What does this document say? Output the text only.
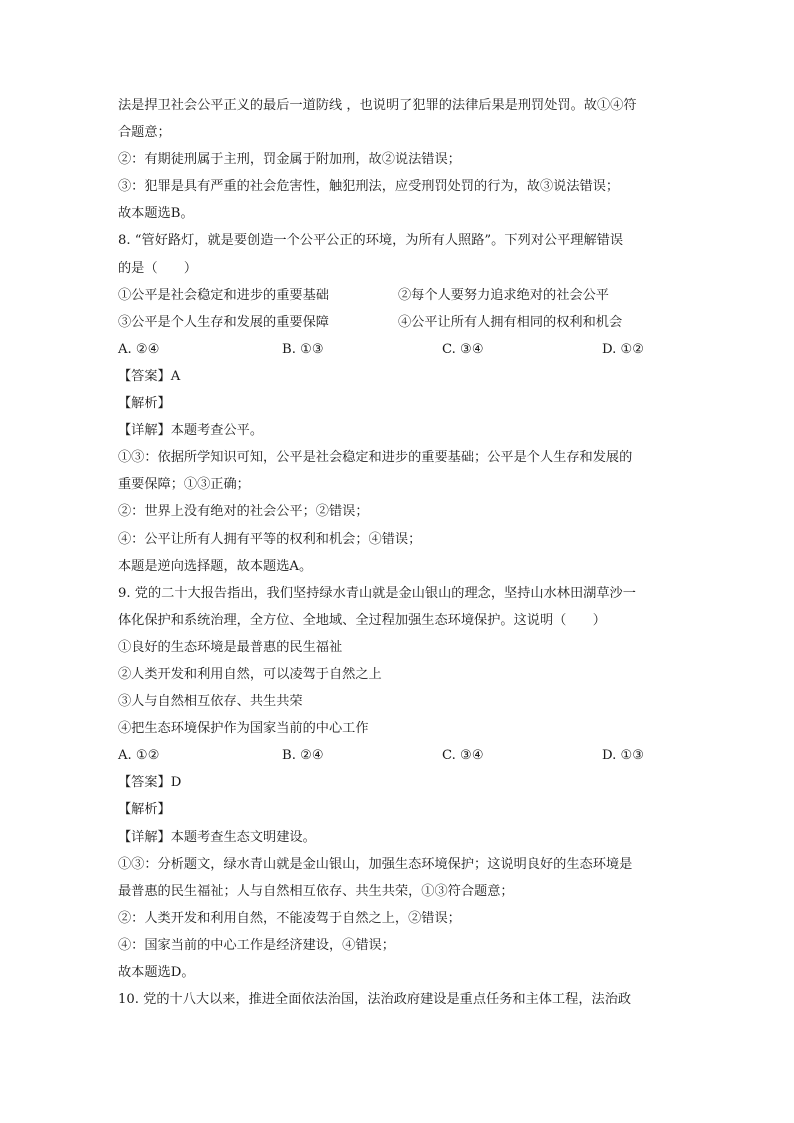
法是捍卫社会公平正义的最后一道防线 ，也说明了犯罪的法律后果是刑罚处罚。故①④符
合题意；
②：有期徒刑属于主刑，罚金属于附加刑，故②说法错误；
③：犯罪是具有严重的社会危害性，触犯刑法，应受刑罚处罚的行为，故③说法错误；
故本题选B。
8. “管好路灯，就是要创造一个公平公正的环境，为所有人照路”。下列对公平理解错误
的是（　　）
①公平是社会稳定和进步的重要基础	②每个人要努力追求绝对的社会公平
③公平是个人生存和发展的重要保障	④公平让所有人拥有相同的权利和机会
A. ②④	B. ①③	C. ③④	D. ①②
【答案】A
【解析】
【详解】本题考查公平。
①③：依据所学知识可知，公平是社会稳定和进步的重要基础；公平是个人生存和发展的
重要保障；①③正确；
②：世界上没有绝对的社会公平；②错误；
④：公平让所有人拥有平等的权利和机会；④错误；
本题是逆向选择题，故本题选A。
9. 党的二十大报告指出，我们坚持绿水青山就是金山银山的理念，坚持山水林田湖草沙一
体化保护和系统治理，全方位、全地域、全过程加强生态环境保护。这说明（　　）
①良好的生态环境是最普惠的民生福祉
②人类开发和利用自然，可以凌驾于自然之上
③人与自然相互依存、共生共荣
④把生态环境保护作为国家当前的中心工作
A. ①②	B. ②④	C. ③④	D. ①③
【答案】D
【解析】
【详解】本题考查生态文明建设。
①③：分析题文，绿水青山就是金山银山，加强生态环境保护；这说明良好的生态环境是
最普惠的民生福祉；人与自然相互依存、共生共荣，①③符合题意；
②：人类开发和利用自然，不能凌驾于自然之上，②错误；
④：国家当前的中心工作是经济建设，④错误；
故本题选D。
10. 党的十八大以来，推进全面依法治国，法治政府建设是重点任务和主体工程，法治政
